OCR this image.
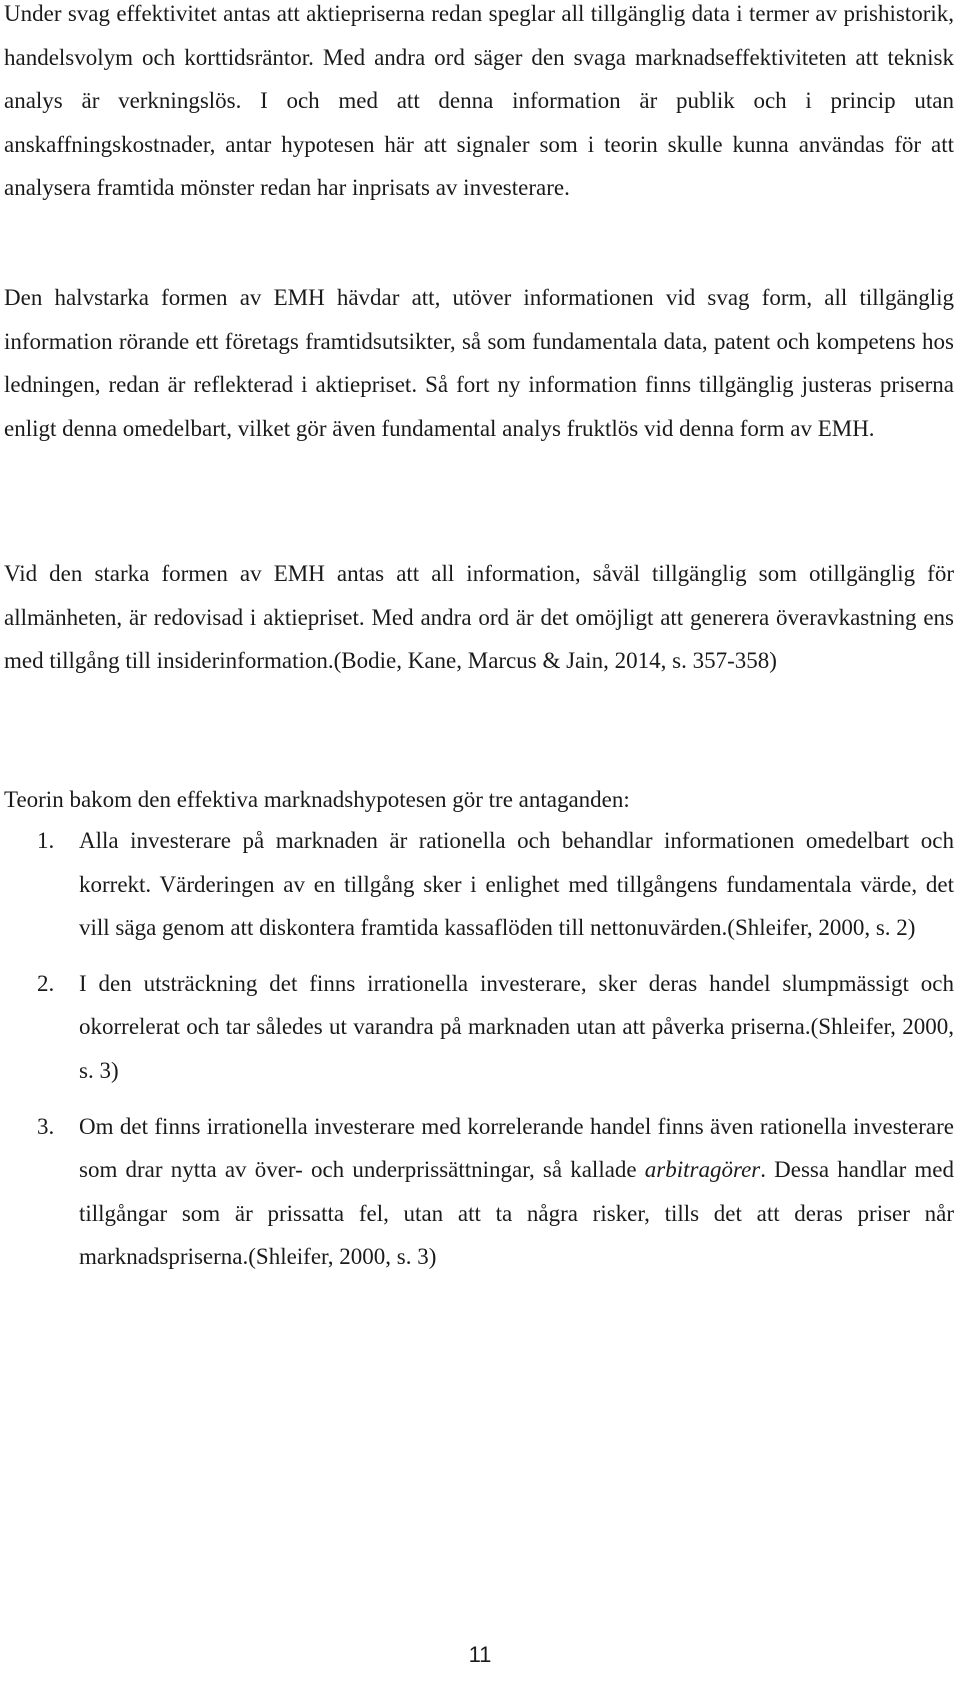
Under svag effektivitet antas att aktiepriserna redan speglar all tillgänglig data i termer av prishistorik, handelsvolym och korttidsräntor. Med andra ord säger den svaga marknadseffektiviteten att teknisk analys är verkningslös. I och med att denna information är publik och i princip utan anskaffningskostnader, antar hypotesen här att signaler som i teorin skulle kunna användas för att analysera framtida mönster redan har inprisats av investerare.

Den halvstarka formen av EMH hävdar att, utöver informationen vid svag form, all tillgänglig information rörande ett företags framtidsutsikter, så som fundamentala data, patent och kompetens hos ledningen, redan är reflekterad i aktiepriset. Så fort ny information finns tillgänglig justeras priserna enligt denna omedelbart, vilket gör även fundamental analys fruktlös vid denna form av EMH.

Vid den starka formen av EMH antas att all information, såväl tillgänglig som otillgänglig för allmänheten, är redovisad i aktiepriset. Med andra ord är det omöjligt att generera överavkastning ens med tillgång till insiderinformation.(Bodie, Kane, Marcus & Jain, 2014, s. 357-358)

Teorin bakom den effektiva marknadshypotesen gör tre antaganden:

1. Alla investerare på marknaden är rationella och behandlar informationen omedelbart och korrekt. Värderingen av en tillgång sker i enlighet med tillgångens fundamentala värde, det vill säga genom att diskontera framtida kassaflöden till nettonuvärden.(Shleifer, 2000, s. 2)
2. I den utsträckning det finns irrationella investerare, sker deras handel slumpmässigt och okorrelerat och tar således ut varandra på marknaden utan att påverka priserna.(Shleifer, 2000, s. 3)
3. Om det finns irrationella investerare med korrelerande handel finns även rationella investerare som drar nytta av över- och underprissättningar, så kallade arbitragörer. Dessa handlar med tillgångar som är prissatta fel, utan att ta några risker, tills det att deras priser når marknadspriserna.(Shleifer, 2000, s. 3)
11
